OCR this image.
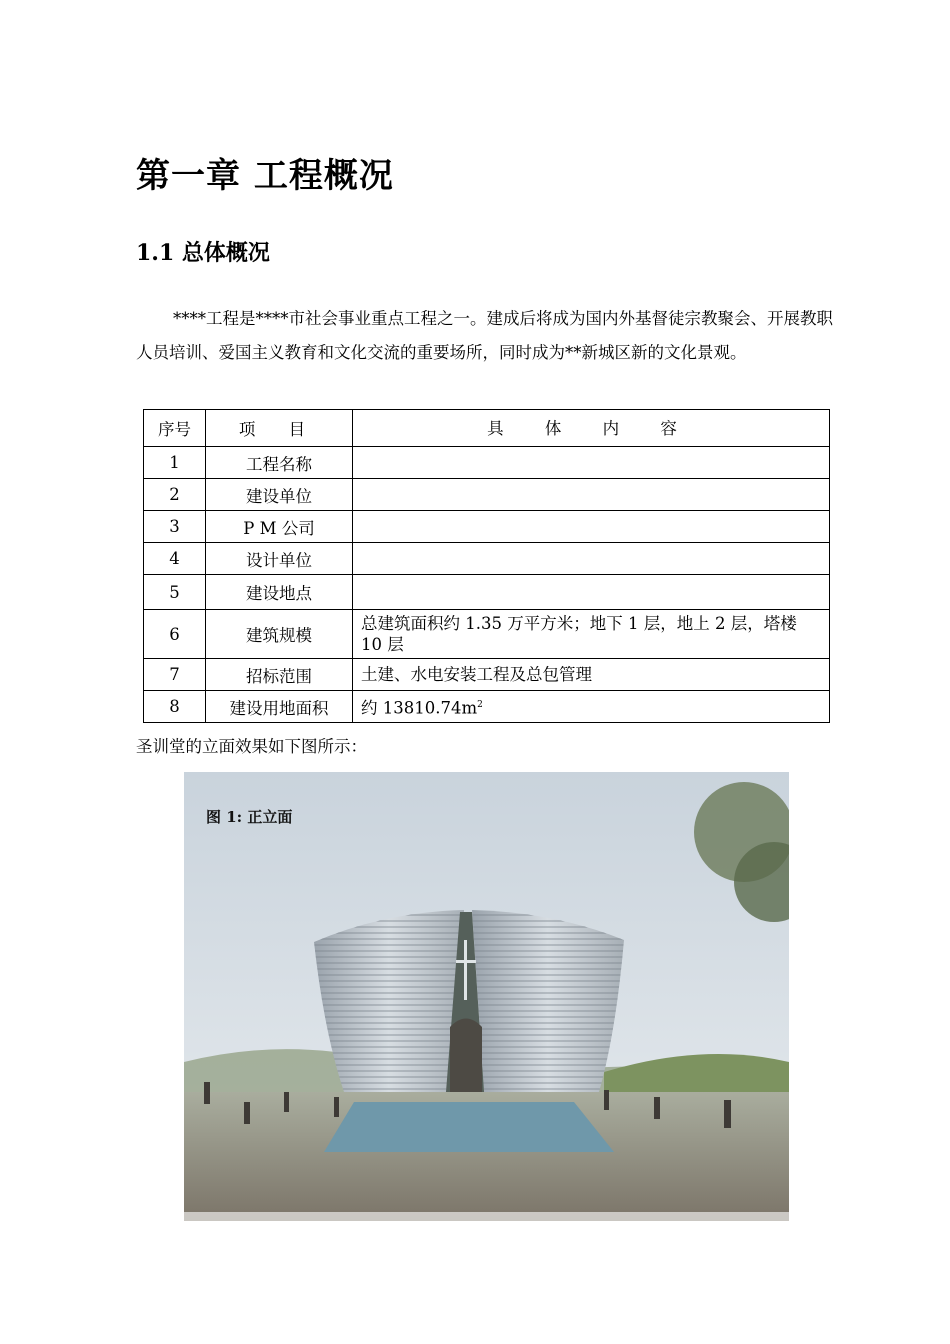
第一章 工程概况
1.1 总体概况

****工程是****市社会事业重点工程之一。建成后将成为国内外基督徒宗教聚会、开展教职人员培训、爱国主义教育和文化交流的重要场所，同时成为**新城区新的文化景观。

序号	项 目	具 体 内 容
1	工程名称	
2	建设单位	
3	P M 公司	
4	设计单位	
5	建设地点	
6	建筑规模	总建筑面积约 1.35 万平方米；地下 1 层，地上 2 层，塔楼 10 层
7	招标范围	土建、水电安装工程及总包管理
8	建设用地面积	约 $13810.74m^2$

圣训堂的立面效果如下图所示：

图 1: 正立面
